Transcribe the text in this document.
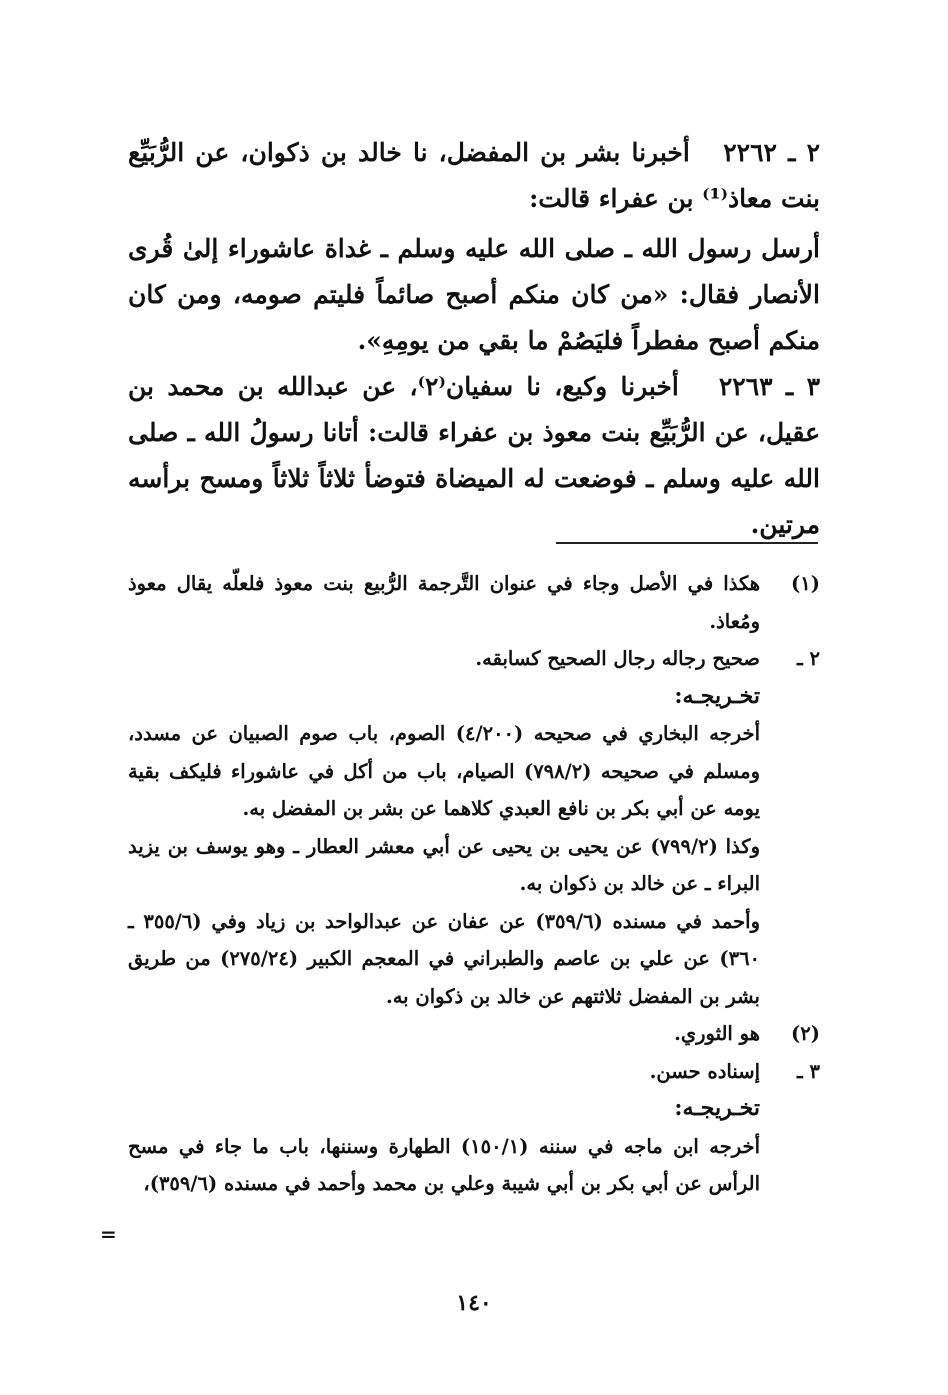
٢ ـ ٢٢٦٢   أخبرنا بشر بن المفضل، نا خالد بن ذكوان، عن الرُّبَيِّع بنت معاذ⁽¹⁾ بن عفراء قالت:

أرسل رسول الله ـ صلى الله عليه وسلم ـ غداة عاشوراء إلىٰ قُرى الأنصار فقال: «من كان منكم أصبح صائماً فليتم صومه، ومن كان منكم أصبح مفطراً فليَصُمْ ما بقي من يومِهِ».

٣ ـ ٢٢٦٣   أخبرنا وكيع، نا سفيان⁽٢⁾، عن عبدالله بن محمد بن عقيل، عن الرُّبَيِّع بنت معوذ بن عفراء قالت: أتانا رسولُ الله ـ صلى الله عليه وسلم ـ فوضعت له الميضاة فتوضأ ثلاثاً ثلاثاً ومسح برأسه مرتين.

(١)
هكذا في الأصل وجاء في عنوان التَّرجمة الرُّبيع بنت معوذ فلعلّه يقال معوذ ومُعاذ.
٢ ـ
صحيح رجاله رجال الصحيح كسابقه.
تخـريجـه:
أخرجه البخاري في صحيحه (٤/٢٠٠) الصوم، باب صوم الصبيان عن مسدد، ومسلم في صحيحه (٧٩٨/٢) الصيام، باب من أكل في عاشوراء فليكف بقية يومه عن أبي بكر بن نافع العبدي كلاهما عن بشر بن المفضل به.
وكذا (٧٩٩/٢) عن يحيى بن يحيى عن أبي معشر العطار ـ وهو يوسف بن يزيد البراء ـ عن خالد بن ذكوان به.
وأحمد في مسنده (٣٥٩/٦) عن عفان عن عبدالواحد بن زياد وفي (٣٥٥/٦ ـ ٣٦٠) عن علي بن عاصم والطبراني في المعجم الكبير (٢٧٥/٢٤) من طريق بشر بن المفضل ثلاثتهم عن خالد بن ذكوان به.
(٢)
هو الثوري.
٣ ـ
إسناده حسن.
تخـريجـه:
أخرجه ابن ماجه في سننه (١٥٠/١) الطهارة وسننها، باب ما جاء في مسح الرأس عن أبي بكر بن أبي شيبة وعلي بن محمد وأحمد في مسنده (٣٥٩/٦)،
=
١٤٠
